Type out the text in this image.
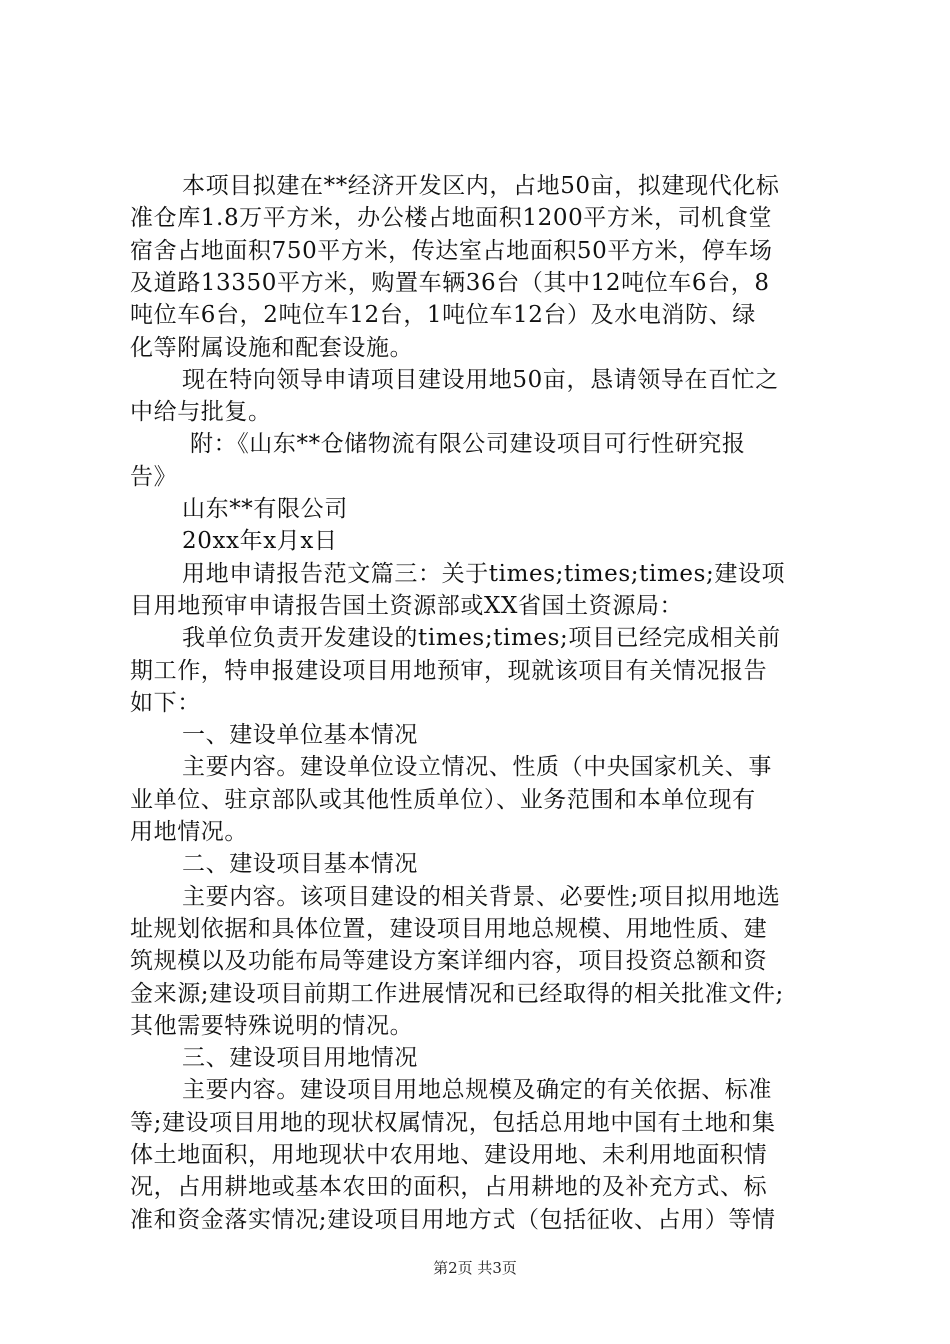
本项目拟建在**经济开发区内，占地50亩，拟建现代化标
准仓库1.8万平方米，办公楼占地面积1200平方米，司机食堂
宿舍占地面积750平方米，传达室占地面积50平方米，停车场
及道路13350平方米，购置车辆36台（其中12吨位车6台，8
吨位车6台，2吨位车12台，1吨位车12台）及水电消防、绿
化等附属设施和配套设施。
现在特向领导申请项目建设用地50亩，恳请领导在百忙之
中给与批复。
附：《山东**仓储物流有限公司建设项目可行性研究报
告》
山东**有限公司
20xx年x月x日
用地申请报告范文篇三：关于times;times;times;建设项
目用地预审申请报告国土资源部或XX省国土资源局：
我单位负责开发建设的times;times;项目已经完成相关前
期工作，特申报建设项目用地预审，现就该项目有关情况报告
如下：
一、建设单位基本情况
主要内容。建设单位设立情况、性质（中央国家机关、事
业单位、驻京部队或其他性质单位）、业务范围和本单位现有
用地情况。
二、建设项目基本情况
主要内容。该项目建设的相关背景、必要性;项目拟用地选
址规划依据和具体位置，建设项目用地总规模、用地性质、建
筑规模以及功能布局等建设方案详细内容，项目投资总额和资
金来源;建设项目前期工作进展情况和已经取得的相关批准文件;
其他需要特殊说明的情况。
三、建设项目用地情况
主要内容。建设项目用地总规模及确定的有关依据、标准
等;建设项目用地的现状权属情况，包括总用地中国有土地和集
体土地面积，用地现状中农用地、建设用地、未利用地面积情
况，占用耕地或基本农田的面积，占用耕地的及补充方式、标
准和资金落实情况;建设项目用地方式（包括征收、占用）等情
第2页 共3页
